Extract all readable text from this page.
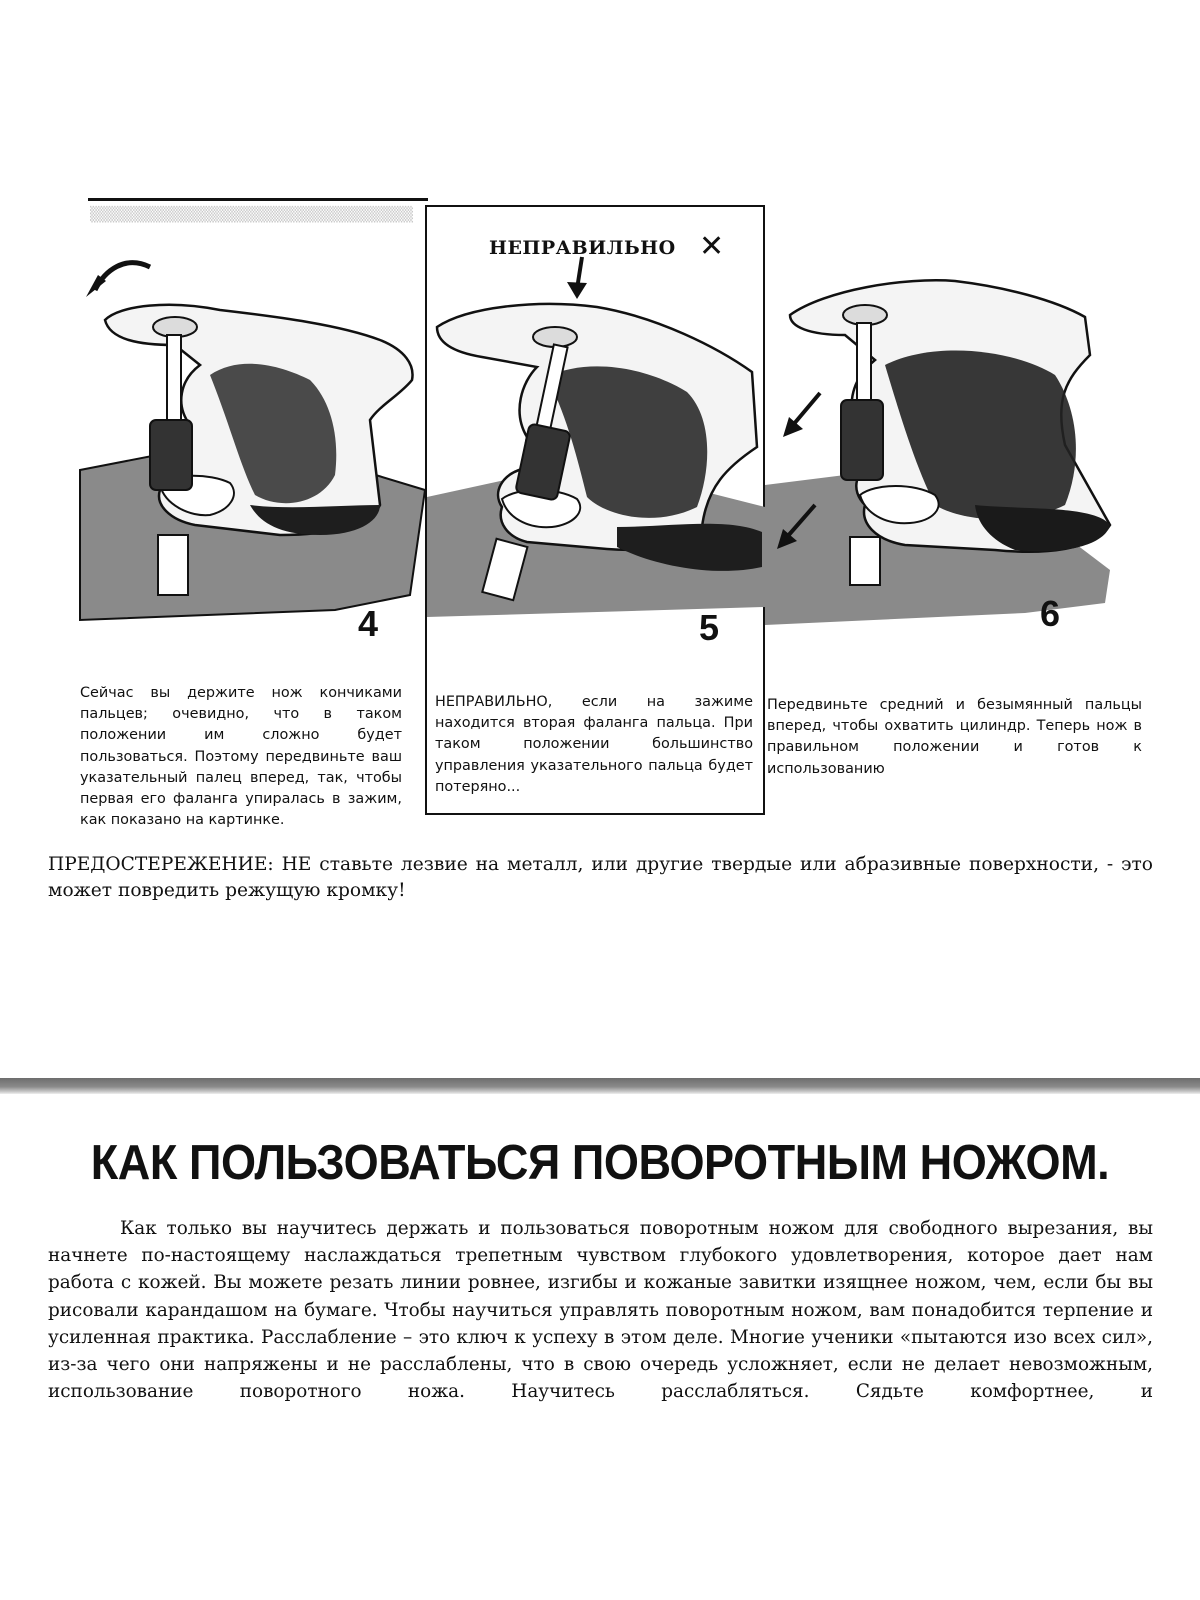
▒▒▒▒▒▒▒▒▒▒▒▒▒▒▒▒▒▒▒▒▒▒▒▒▒▒▒▒▒▒
4
Сейчас вы держите нож кончиками пальцев; очевидно, что в таком положении им сложно будет пользоваться. Поэтому передвиньте ваш указательный палец вперед, так, чтобы первая его фаланга упиралась в зажим, как показано на картинке.
НЕПРАВИЛЬНО ✕
5
НЕПРАВИЛЬНО, если на зажиме находится вторая фаланга пальца. При таком положении большинство управления указательного пальца будет потеряно...
6
Передвиньте средний и безымянный пальцы вперед, чтобы охватить цилиндр. Теперь нож в правильном положении и готов к использованию
ПРЕДОСТЕРЕЖЕНИЕ: НЕ ставьте лезвие на металл, или другие твердые или абразивные поверхности, - это может повредить режущую кромку!
КАК ПОЛЬЗОВАТЬСЯ ПОВОРОТНЫМ НОЖОМ.
Как только вы научитесь держать и пользоваться поворотным ножом для свободного вырезания, вы начнете по-настоящему наслаждаться трепетным чувством глубокого удовлетворения, которое дает нам работа с кожей. Вы можете резать линии ровнее, изгибы и кожаные завитки изящнее ножом, чем, если бы вы рисовали карандашом на бумаге. Чтобы научиться управлять поворотным ножом, вам понадобится терпение и усиленная практика. Расслабление – это ключ к успеху в этом деле. Многие ученики «пытаются изо всех сил», из-за чего они напряжены и не расслаблены, что в свою очередь усложняет, если не делает невозможным, использование поворотного ножа. Научитесь расслабляться. Сядьте комфортнее, и
